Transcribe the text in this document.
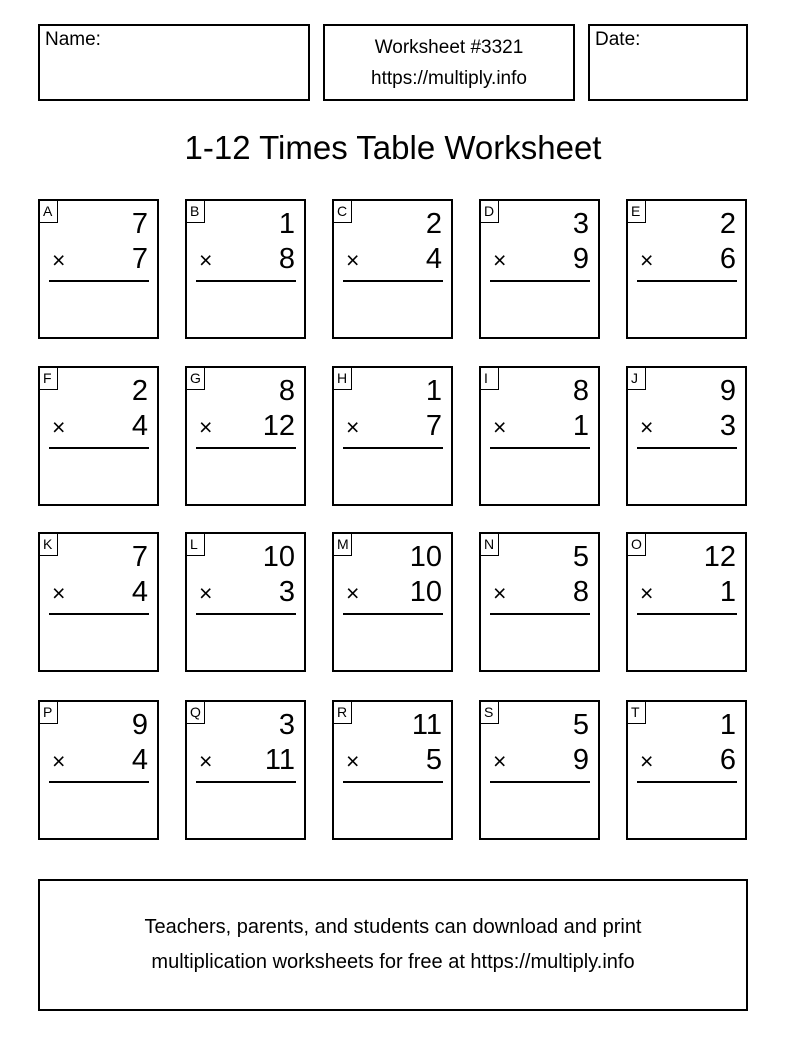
Name:	Worksheet #3321
https://multiply.info
Date:
1-12 Times Table Worksheet
A	7
× 7
B	1
× 8
C	2
× 4
D	3
× 9
E	2
× 6
F	2
× 4
G	8
× 12
H	1
× 7
I	8
× 1
J	9
× 3
K	7
× 4
L 10
× 3
M 10
× 10
N	5
× 8
O 12
× 1
P	9
× 4
Q	3
× 11
R 11
× 5
S	5
× 9
T	1
× 6
Teachers, parents, and students can download and print
multiplication worksheets for free at https://multiply.info
